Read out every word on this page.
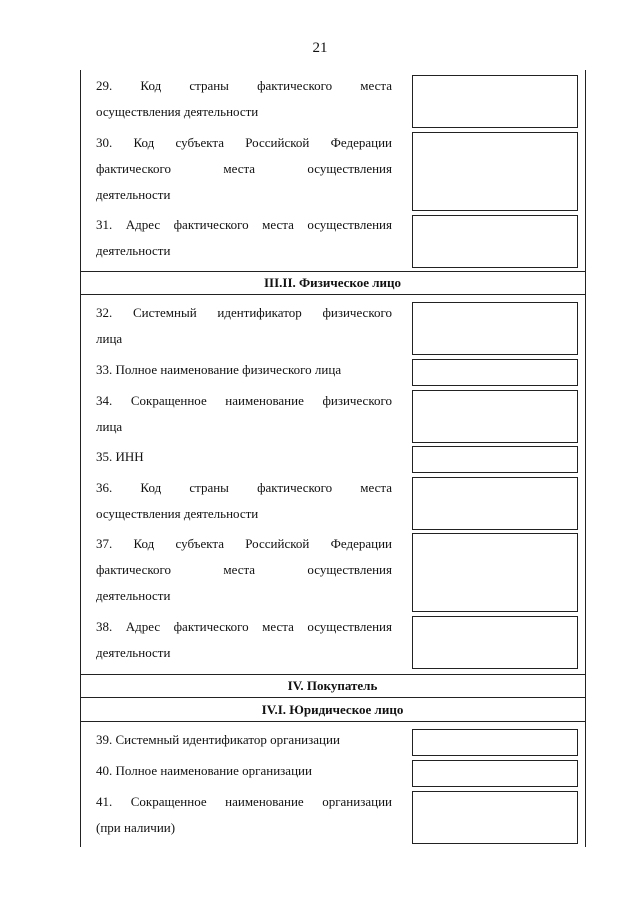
21
III.II. Физическое лицо
IV. Покупатель
IV.I. Юридическое лицо
29. Код страны фактического места
осуществления деятельности
30. Код субъекта Российской Федерации
фактического места осуществления
деятельности
31. Адрес фактического места осуществления
деятельности
32. Системный идентификатор физического
лица
33. Полное наименование физического лица
34. Сокращенное наименование физического
лица
35. ИНН
36. Код страны фактического места
осуществления деятельности
37. Код субъекта Российской Федерации
фактического места осуществления
деятельности
38. Адрес фактического места осуществления
деятельности
39. Системный идентификатор организации
40. Полное наименование организации
41. Сокращенное наименование организации
(при наличии)
